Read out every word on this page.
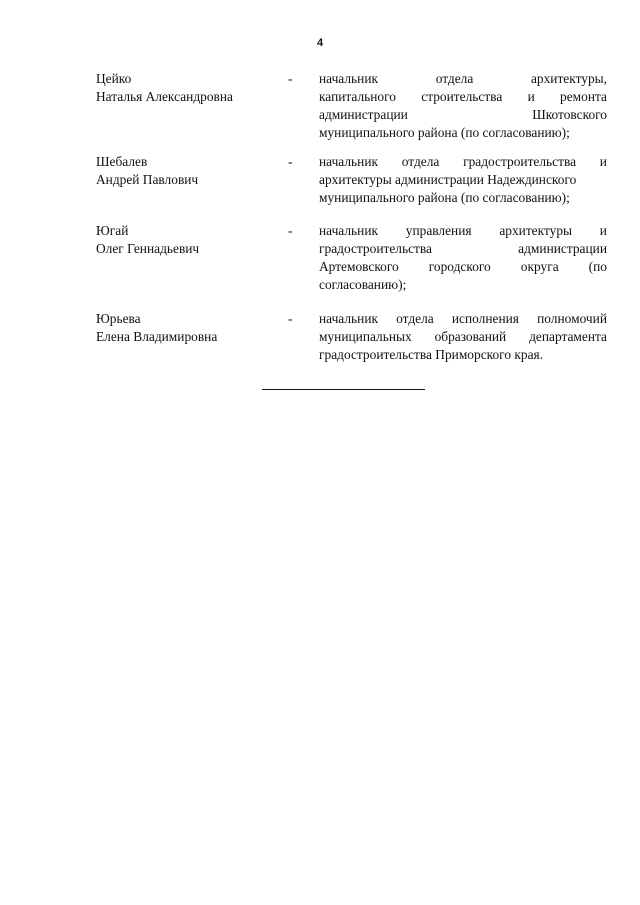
4
Цейко
Наталья Александровна
- начальник	отдела	архитектуры,
капитального строительства и ремонта
администрации	Шкотовского
муниципального района (по согласованию);
Шебалев
Андрей Павлович
- начальник отдела градостроительства и
архитектуры администрации Надеждинского
муниципального района (по согласованию);
Югай
Олег Геннадьевич
- начальник управления архитектуры и
градостроительства	администрации
Артемовского городского округа (по
согласованию);
Юрьева
Елена Владимировна
- начальник отдела исполнения полномочий
муниципальных образований департамента
градостроительства Приморского края.
